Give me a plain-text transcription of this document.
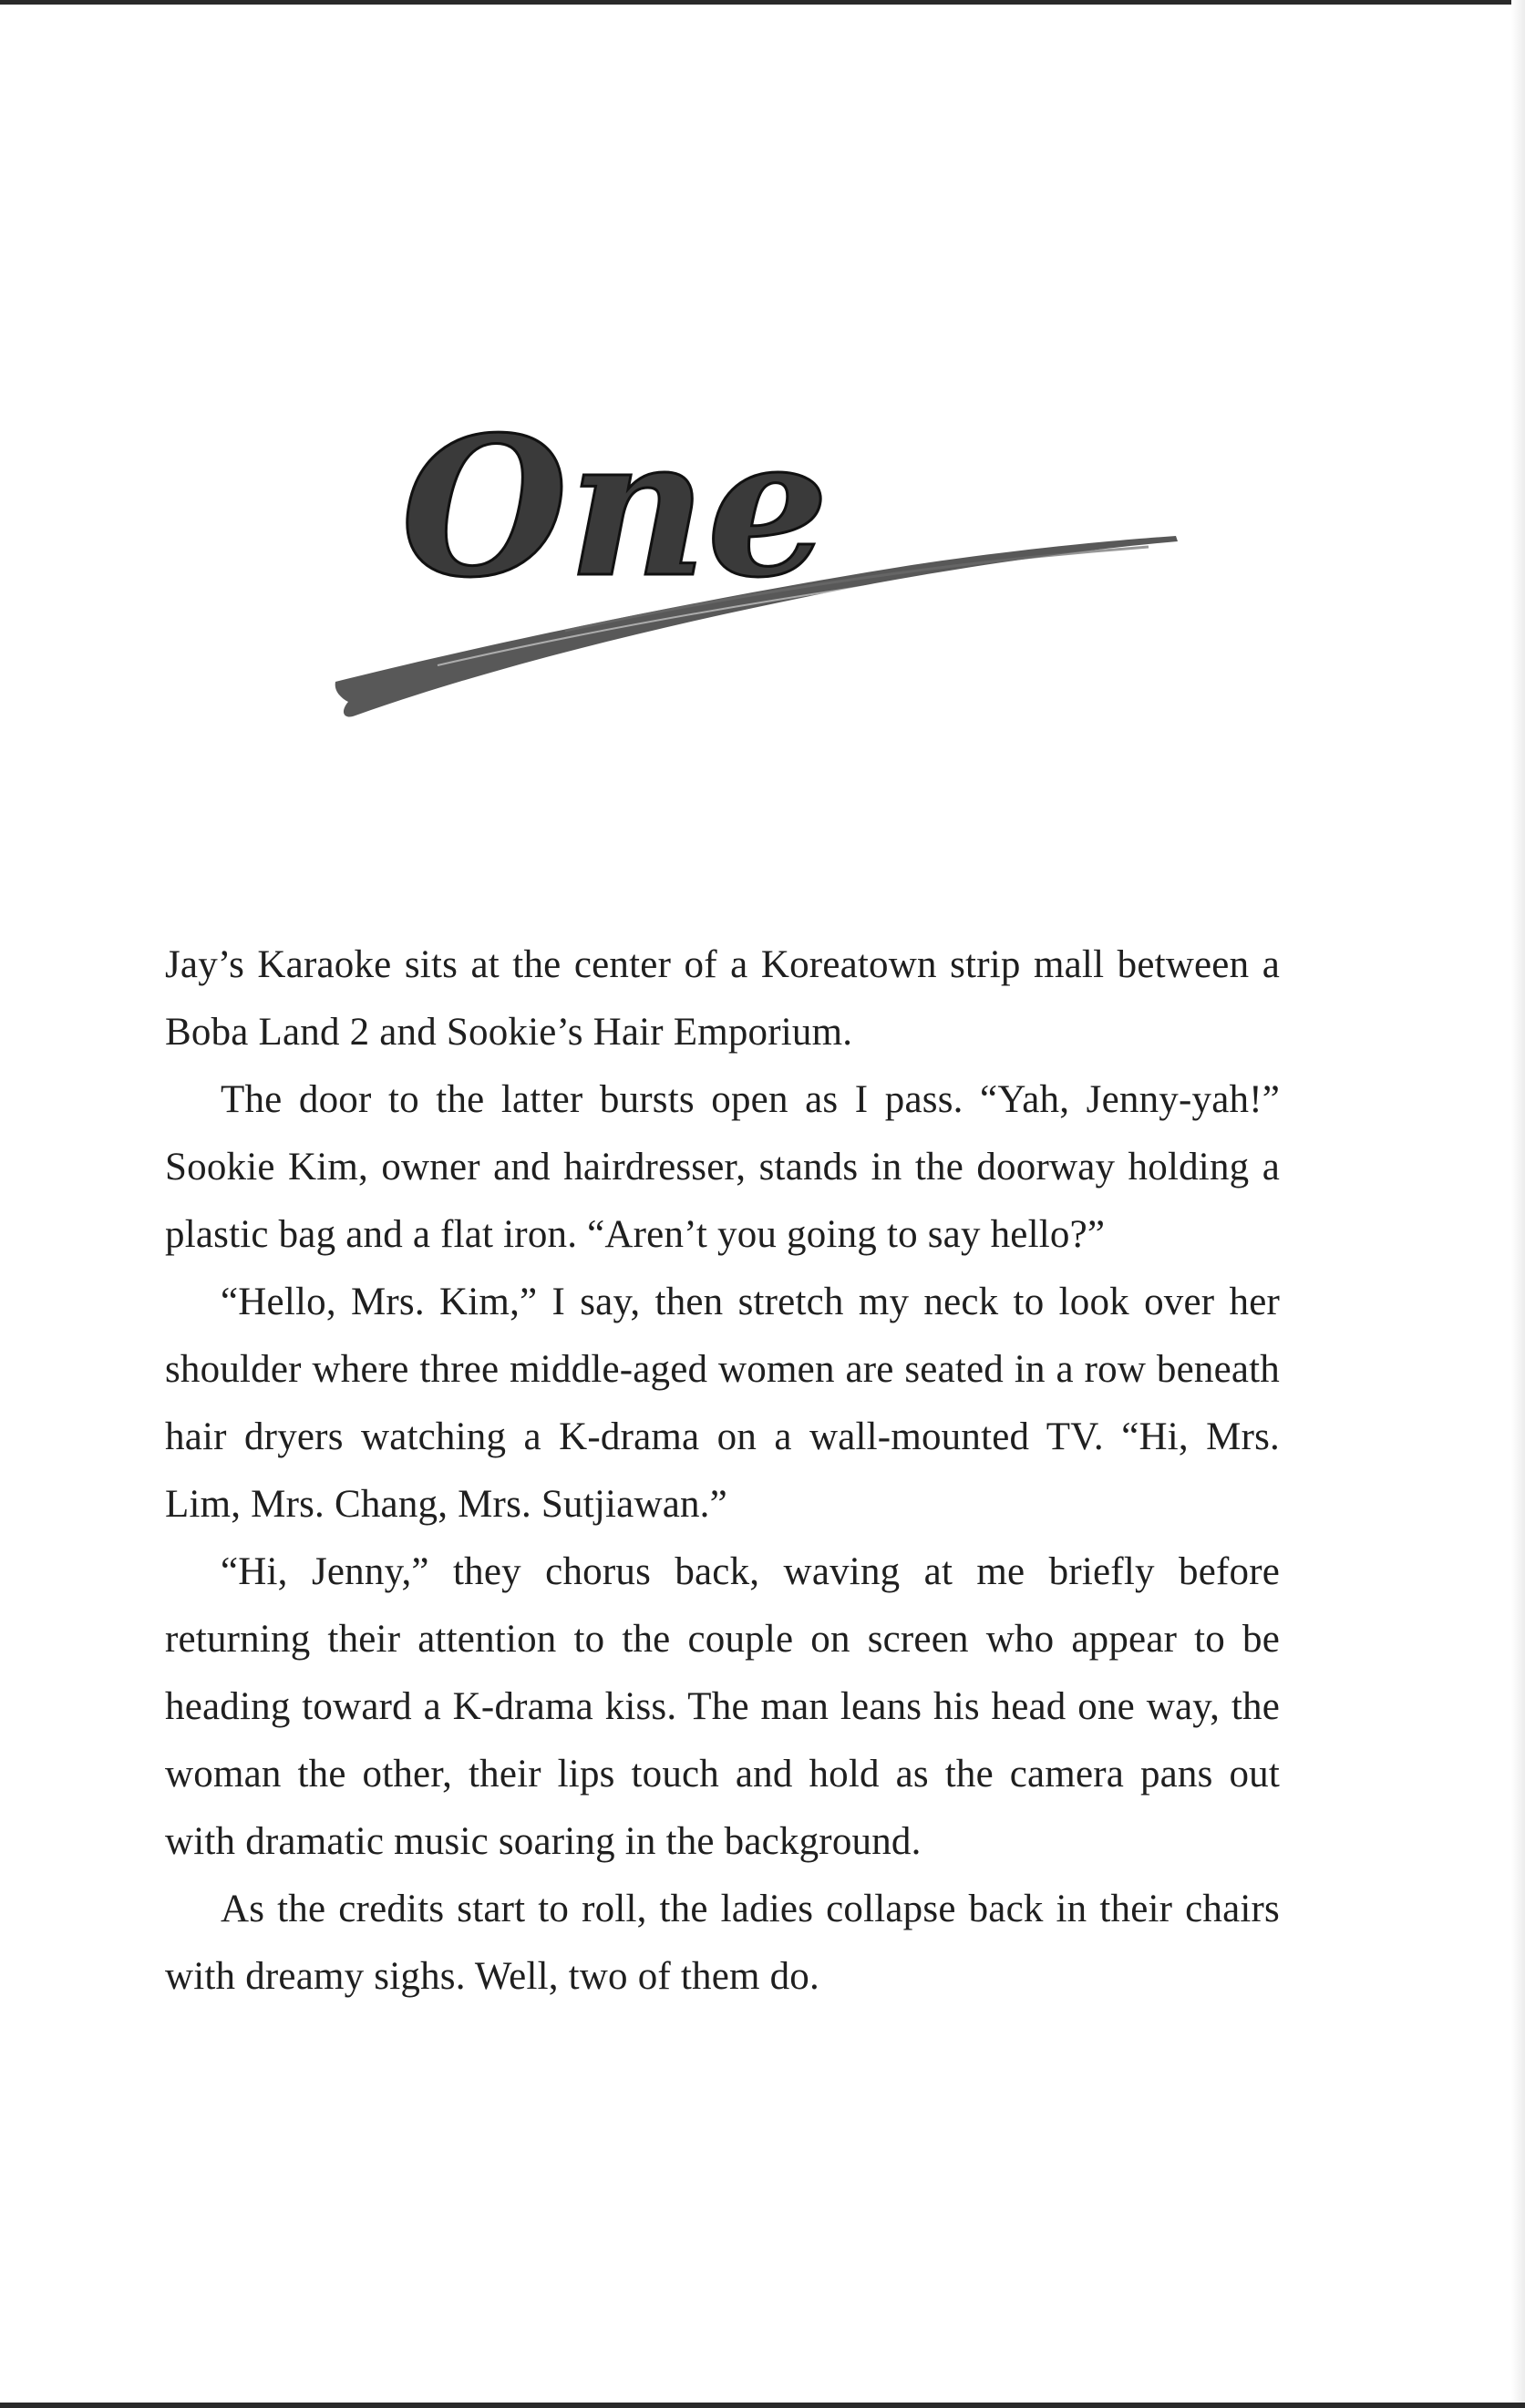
One

Jay’s Karaoke sits at the center of a Koreatown strip mall between a Boba Land 2 and Sookie’s Hair Emporium.

The door to the latter bursts open as I pass. “Yah, Jenny-yah!” Sookie Kim, owner and hairdresser, stands in the doorway holding a plastic bag and a flat iron. “Aren’t you going to say hello?”

“Hello, Mrs. Kim,” I say, then stretch my neck to look over her shoulder where three middle-aged women are seated in a row beneath hair dryers watching a K-drama on a wall-mounted TV. “Hi, Mrs. Lim, Mrs. Chang, Mrs. Sutjiawan.”

“Hi, Jenny,” they chorus back, waving at me briefly before returning their attention to the couple on screen who appear to be heading toward a K-drama kiss. The man leans his head one way, the woman the other, their lips touch and hold as the camera pans out with dramatic music soaring in the background.

As the credits start to roll, the ladies collapse back in their chairs with dreamy sighs. Well, two of them do.
